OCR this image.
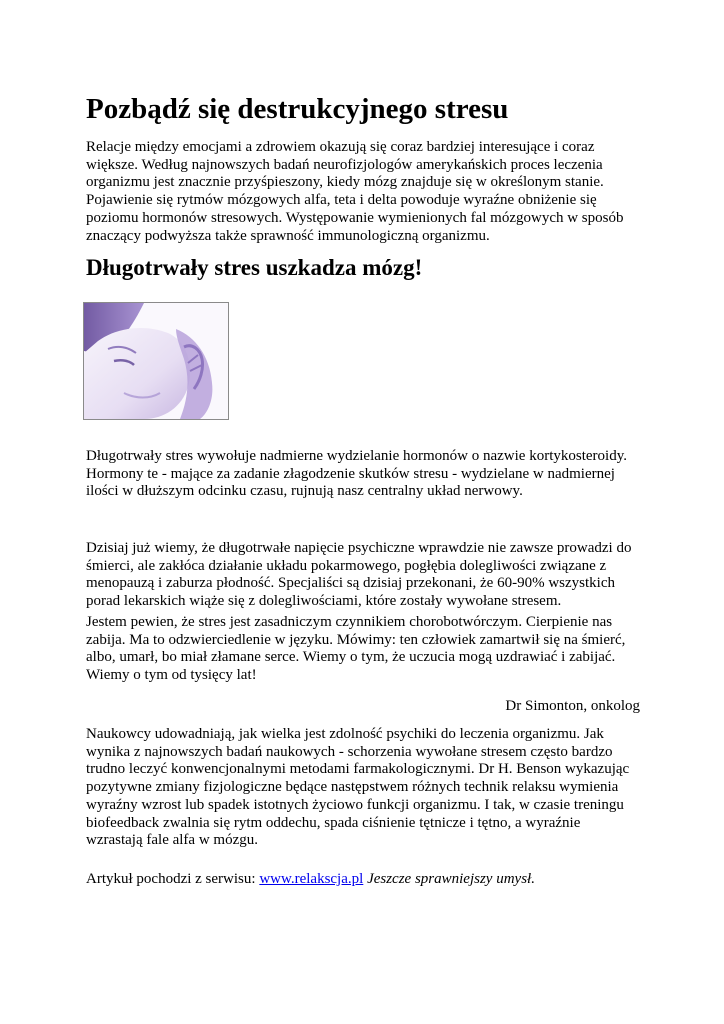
Pozbądź się destrukcyjnego stresu

Relacje między emocjami a zdrowiem okazują się coraz bardziej interesujące i coraz większe. Według najnowszych badań neurofizjologów amerykańskich proces leczenia organizmu jest znacznie przyśpieszony, kiedy mózg znajduje się w określonym stanie. Pojawienie się rytmów mózgowych alfa, teta i delta powoduje wyraźne obniżenie się poziomu hormonów stresowych. Występowanie wymienionych fal mózgowych w sposób znaczący podwyższa także sprawność immunologiczną organizmu.

Długotrwały stres uszkadza mózg!

Długotrwały stres wywołuje nadmierne wydzielanie hormonów o nazwie kortykosteroidy. Hormony te - mające za zadanie złagodzenie skutków stresu - wydzielane w nadmiernej ilości w dłuższym odcinku czasu, rujnują nasz centralny układ nerwowy.

Dzisiaj już wiemy, że długotrwałe napięcie psychiczne wprawdzie nie zawsze prowadzi do śmierci, ale zakłóca działanie układu pokarmowego, pogłębia dolegliwości związane z menopauzą i zaburza płodność. Specjaliści są dzisiaj przekonani, że 60-90% wszystkich porad lekarskich wiąże się z dolegliwościami, które zostały wywołane stresem.

Jestem pewien, że stres jest zasadniczym czynnikiem chorobotwórczym. Cierpienie nas zabija. Ma to odzwierciedlenie w języku. Mówimy: ten człowiek zamartwił się na śmierć, albo, umarł, bo miał złamane serce. Wiemy o tym, że uczucia mogą uzdrawiać i zabijać. Wiemy o tym od tysięcy lat!

Dr Simonton, onkolog

Naukowcy udowadniają, jak wielka jest zdolność psychiki do leczenia organizmu. Jak wynika z najnowszych badań naukowych - schorzenia wywołane stresem często bardzo trudno leczyć konwencjonalnymi metodami farmakologicznymi. Dr H. Benson wykazując pozytywne zmiany fizjologiczne będące następstwem różnych technik relaksu wymienia wyraźny wzrost lub spadek istotnych życiowo funkcji organizmu. I tak, w czasie treningu biofeedback zwalnia się rytm oddechu, spada ciśnienie tętnicze i tętno, a wyraźnie wzrastają fale alfa w mózgu.

Artykuł pochodzi z serwisu: www.relakscja.pl Jeszcze sprawniejszy umysł.
